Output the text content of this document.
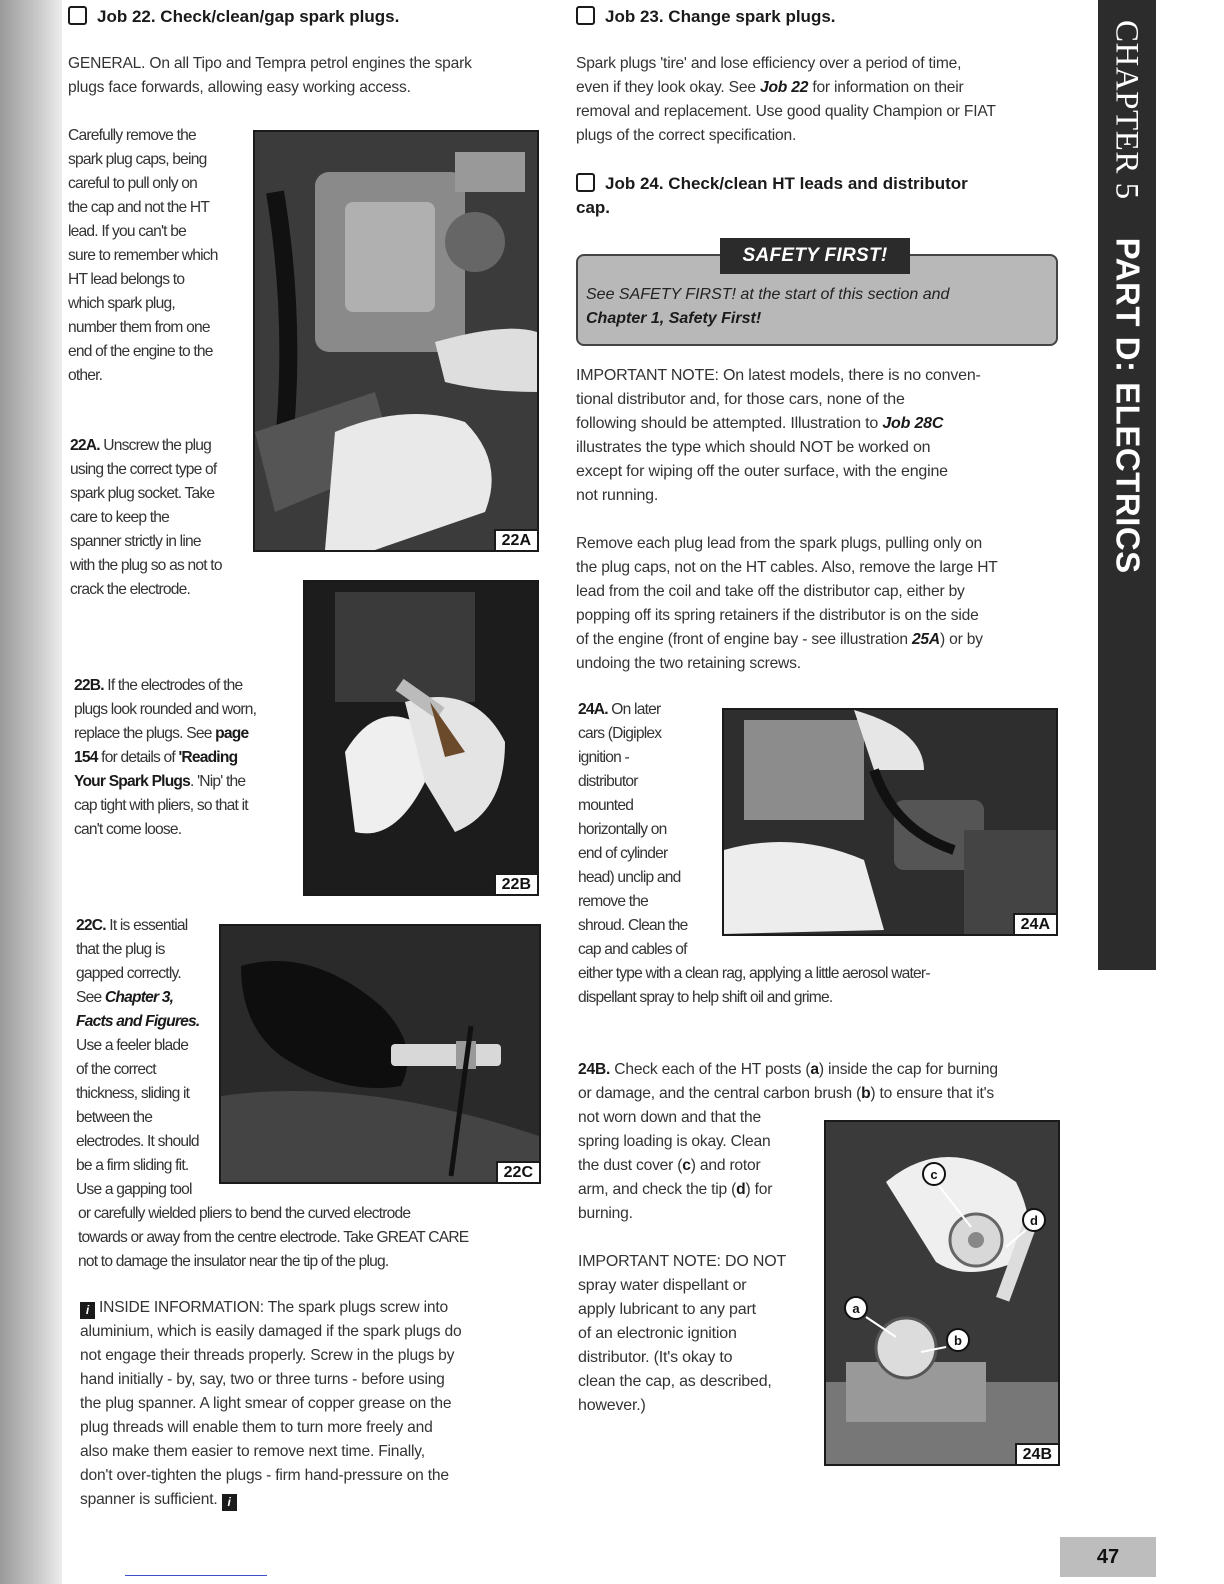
Job 22. Check/clean/gap spark plugs.
GENERAL. On all Tipo and Tempra petrol engines the spark
plugs face forwards, allowing easy working access.
Carefully remove the
spark plug caps, being
careful to pull only on
the cap and not the HT
lead. If you can't be
sure to remember which
HT lead belongs to
which spark plug,
number them from one
end of the engine to the
other.
22A
22A. Unscrew the plug
using the correct type of
spark plug socket. Take
care to keep the
spanner strictly in line
with the plug so as not to
crack the electrode.
22B
22B. If the electrodes of the
plugs look rounded and worn,
replace the plugs. See page
154 for details of 'Reading
Your Spark Plugs. 'Nip' the
cap tight with pliers, so that it
can't come loose.
22C
22C. It is essential
that the plug is
gapped correctly.
See Chapter 3,
Facts and Figures.
Use a feeler blade
of the correct
thickness, sliding it
between the
electrodes. It should
be a firm sliding fit.
Use a gapping tool
or carefully wielded pliers to bend the curved electrode
towards or away from the centre electrode. Take GREAT CARE
not to damage the insulator near the tip of the plug.
i INSIDE INFORMATION: The spark plugs screw into
aluminium, which is easily damaged if the spark plugs do
not engage their threads properly. Screw in the plugs by
hand initially - by, say, two or three turns - before using
the plug spanner. A light smear of copper grease on the
plug threads will enable them to turn more freely and
also make them easier to remove next time. Finally,
don't over-tighten the plugs - firm hand-pressure on the
spanner is sufficient. i
Job 23. Change spark plugs.
Spark plugs 'tire' and lose efficiency over a period of time,
even if they look okay. See Job 22 for information on their
removal and replacement. Use good quality Champion or FIAT
plugs of the correct specification.
Job 24. Check/clean HT leads and distributor
cap.
SAFETY FIRST!
See SAFETY FIRST! at the start of this section and
Chapter 1, Safety First!
IMPORTANT NOTE: On latest models, there is no conven-
tional distributor and, for those cars, none of the
following should be attempted. Illustration to Job 28C
illustrates the type which should NOT be worked on
except for wiping off the outer surface, with the engine
not running.
Remove each plug lead from the spark plugs, pulling only on
the plug caps, not on the HT cables. Also, remove the large HT
lead from the coil and take off the distributor cap, either by
popping off its spring retainers if the distributor is on the side
of the engine (front of engine bay - see illustration 25A) or by
undoing the two retaining screws.
24A
24A. On later
cars (Digiplex
ignition -
distributor
mounted
horizontally on
end of cylinder
head) unclip and
remove the
shroud. Clean the
cap and cables of
either type with a clean rag, applying a little aerosol water-
dispellant spray to help shift oil and grime.
24B. Check each of the HT posts (a) inside the cap for burning
or damage, and the central carbon brush (b) to ensure that it's
not worn down and that the
spring loading is okay. Clean
the dust cover (c) and rotor
arm, and check the tip (d) for
burning.
IMPORTANT NOTE: DO NOT
spray water dispellant or
apply lubricant to any part
of an electronic ignition
distributor. (It's okay to
clean the cap, as described,
however.)
c
d
a
b
24B
CHAPTER 5PART D: ELECTRICS
47
